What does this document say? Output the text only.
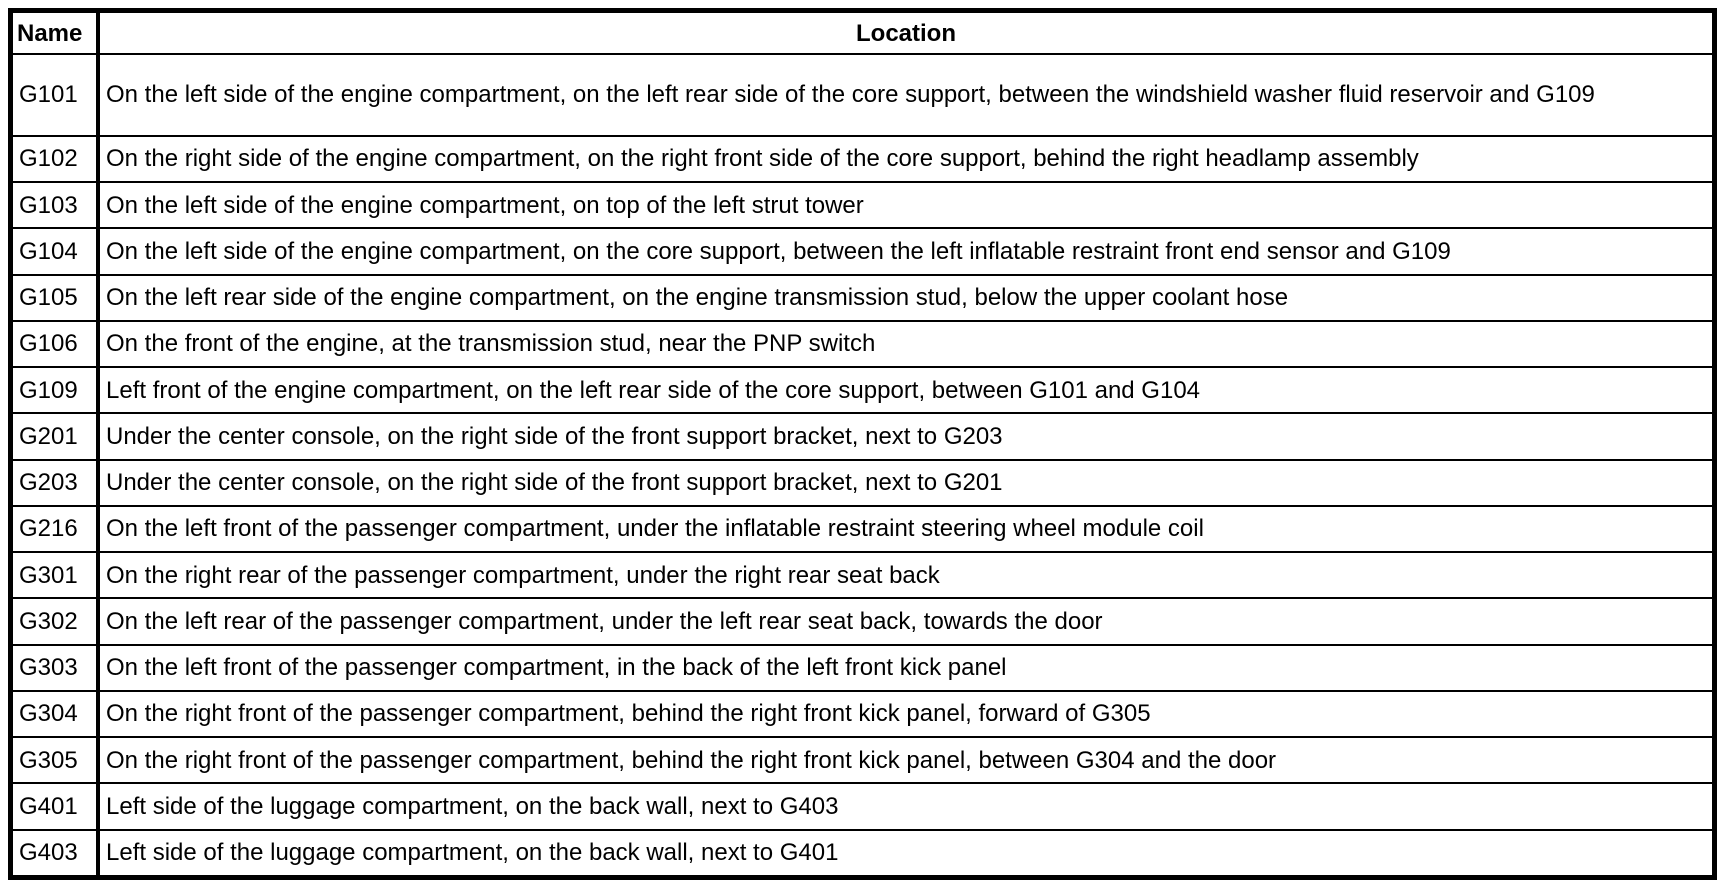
Name	Location
G101	On the left side of the engine compartment, on the left rear side of the core support, between the windshield washer fluid reservoir and G109
G102	On the right side of the engine compartment, on the right front side of the core support, behind the right headlamp assembly
G103	On the left side of the engine compartment, on top of the left strut tower
G104	On the left side of the engine compartment, on the core support, between the left inflatable restraint front end sensor and G109
G105	On the left rear side of the engine compartment, on the engine transmission stud, below the upper coolant hose
G106	On the front of the engine, at the transmission stud, near the PNP switch
G109	Left front of the engine compartment, on the left rear side of the core support, between G101 and G104
G201	Under the center console, on the right side of the front support bracket, next to G203
G203	Under the center console, on the right side of the front support bracket, next to G201
G216	On the left front of the passenger compartment, under the inflatable restraint steering wheel module coil
G301	On the right rear of the passenger compartment, under the right rear seat back
G302	On the left rear of the passenger compartment, under the left rear seat back, towards the door
G303	On the left front of the passenger compartment, in the back of the left front kick panel
G304	On the right front of the passenger compartment, behind the right front kick panel, forward of G305
G305	On the right front of the passenger compartment, behind the right front kick panel, between G304 and the door
G401	Left side of the luggage compartment, on the back wall, next to G403
G403	Left side of the luggage compartment, on the back wall, next to G401
